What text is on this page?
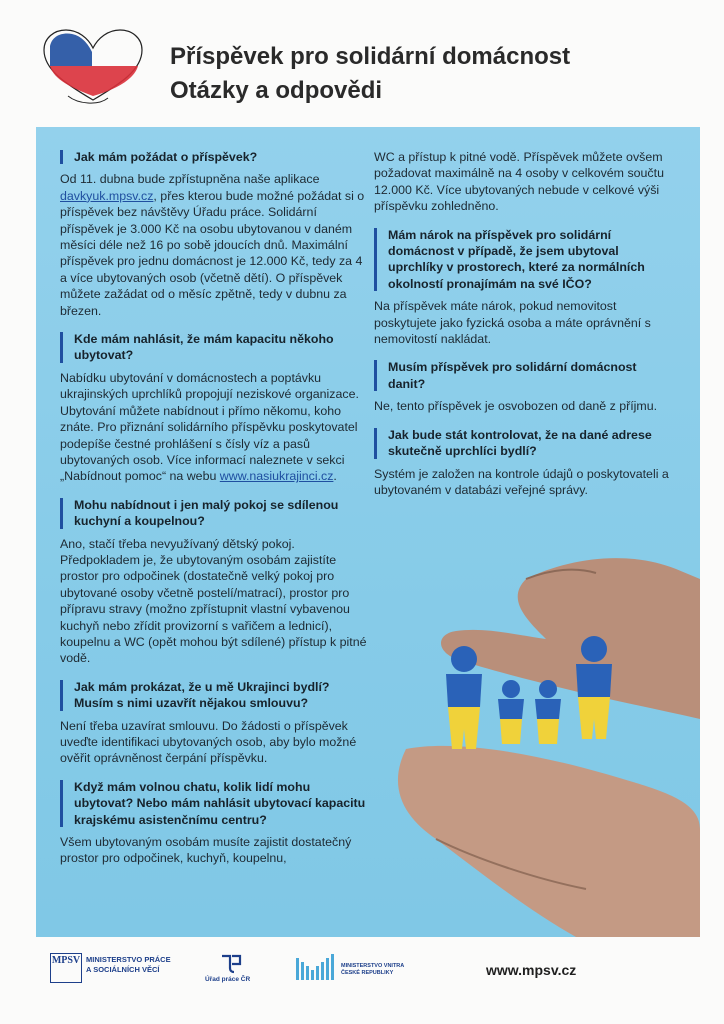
Příspěvek pro solidární domácnost
Otázky a odpovědi
Jak mám požádat o příspěvek?
Od 11. dubna bude zpřístupněna naše aplikace davkyuk.mpsv.cz, přes kterou bude možné požádat si o příspěvek bez návštěvy Úřadu práce. Solidární příspěvek je 3.000 Kč na osobu ubytovanou v daném měsíci déle než 16 po sobě jdoucích dnů. Maximální příspěvek pro jednu domácnost je 12.000 Kč, tedy za 4 a více ubytovaných osob (včetně dětí). O příspěvek můžete zažádat od o měsíc zpětně, tedy v dubnu za březen.
Kde mám nahlásit, že mám kapacitu někoho ubytovat?
Nabídku ubytování v domácnostech a poptávku ukrajinských uprchlíků propojují neziskové organizace. Ubytování můžete nabídnout i přímo někomu, koho znáte. Pro přiznání solidárního příspěvku poskytovatel podepíše čestné prohlášení s čísly víz a pasů ubytovaných osob. Více informací naleznete v sekci „Nabídnout pomoc“ na webu www.nasiukrajinci.cz.
Mohu nabídnout i jen malý pokoj se sdílenou kuchyní a koupelnou?
Ano, stačí třeba nevyužívaný dětský pokoj. Předpokladem je, že ubytovaným osobám zajistíte prostor pro odpočinek (dostatečně velký pokoj pro ubytované osoby včetně postelí/matrací), prostor pro přípravu stravy (možno zpřístupnit vlastní vybavenou kuchyň nebo zřídit provizorní s vařičem a lednicí), koupelnu a WC (opět mohou být sdílené) přístup k pitné vodě.
Jak mám prokázat, že u mě Ukrajinci bydlí? Musím s nimi uzavřít nějakou smlouvu?
Není třeba uzavírat smlouvu. Do žádosti o příspěvek uveďte identifikaci ubytovaných osob, aby bylo možné ověřit oprávněnost čerpání příspěvku.
Když mám volnou chatu, kolik lidí mohu ubytovat? Nebo mám nahlásit ubytovací kapacitu krajskému asistenčnímu centru?
Všem ubytovaným osobám musíte zajistit dostatečný prostor pro odpočinek, kuchyň, koupelnu,
WC a přístup k pitné vodě. Příspěvek můžete ovšem požadovat maximálně na 4 osoby v celkovém součtu 12.000 Kč. Více ubytovaných nebude v celkové výši příspěvku zohledněno.
Mám nárok na příspěvek pro solidární domácnost v případě, že jsem ubytoval uprchlíky v prostorech, které za normálních okolností pronajímám na své IČO?
Na příspěvek máte nárok, pokud nemovitost poskytujete jako fyzická osoba a máte oprávnění s nemovitostí nakládat.
Musím příspěvek pro solidární domácnost danit?
Ne, tento příspěvek je osvobozen od daně z příjmu.
Jak bude stát kontrolovat, že na dané adrese skutečně uprchlíci bydlí?
Systém je založen na kontrole údajů o poskytovateli a ubytovaném v databázi veřejné správy.
MPSV MINISTERSTVO PRÁCE A SOCIÁLNÍCH VĚCÍ
Úřad práce ČR
MINISTERSTVO VNITRA ČESKÉ REPUBLIKY	www.mpsv.cz
